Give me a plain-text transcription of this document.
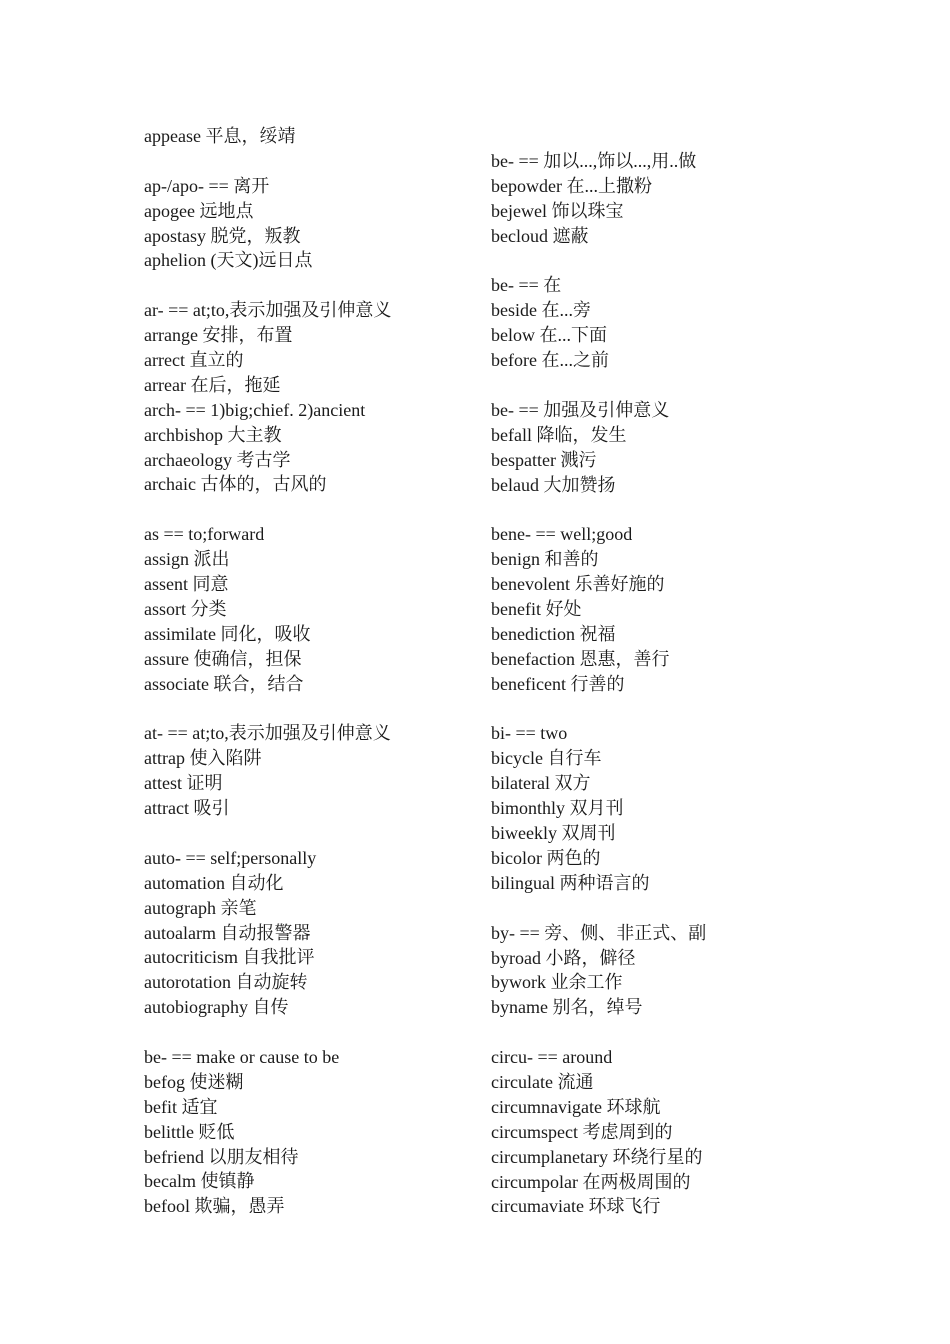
appease 平息，绥靖
ap-/apo- == 离开
apogee 远地点
apostasy 脱党，叛教
aphelion (天文)远日点
ar- == at;to,表示加强及引伸意义
arrange 安排，布置
arrect 直立的
arrear 在后，拖延
arch- == 1)big;chief. 2)ancient
archbishop 大主教
archaeology 考古学
archaic 古体的，古风的
as == to;forward
assign 派出
assent 同意
assort 分类
assimilate 同化，吸收
assure 使确信，担保
associate 联合，结合
at- == at;to,表示加强及引伸意义
attrap 使入陷阱
attest 证明
attract 吸引
auto- == self;personally
automation 自动化
autograph 亲笔
autoalarm 自动报警器
autocriticism 自我批评
autorotation 自动旋转
autobiography 自传
be- == make or cause to be
befog 使迷糊
befit 适宜
belittle 贬低
befriend 以朋友相待
becalm 使镇静
befool 欺骗，愚弄
be- == 加以...,饰以...,用..做
bepowder 在...上撒粉
bejewel 饰以珠宝
becloud 遮蔽
be- == 在
beside 在...旁
below 在...下面
before 在...之前
be- == 加强及引伸意义
befall 降临，发生
bespatter 溅污
belaud 大加赞扬
bene- == well;good
benign 和善的
benevolent 乐善好施的
benefit 好处
benediction 祝福
benefaction 恩惠，善行
beneficent 行善的
bi- == two
bicycle 自行车
bilateral 双方
bimonthly 双月刊
biweekly 双周刊
bicolor 两色的
bilingual 两种语言的
by- == 旁、侧、非正式、副
byroad 小路，僻径
bywork 业余工作
byname 别名，绰号
circu- == around
circulate 流通
circumnavigate 环球航
circumspect 考虑周到的
circumplanetary 环绕行星的
circumpolar 在两极周围的
circumaviate 环球飞行
